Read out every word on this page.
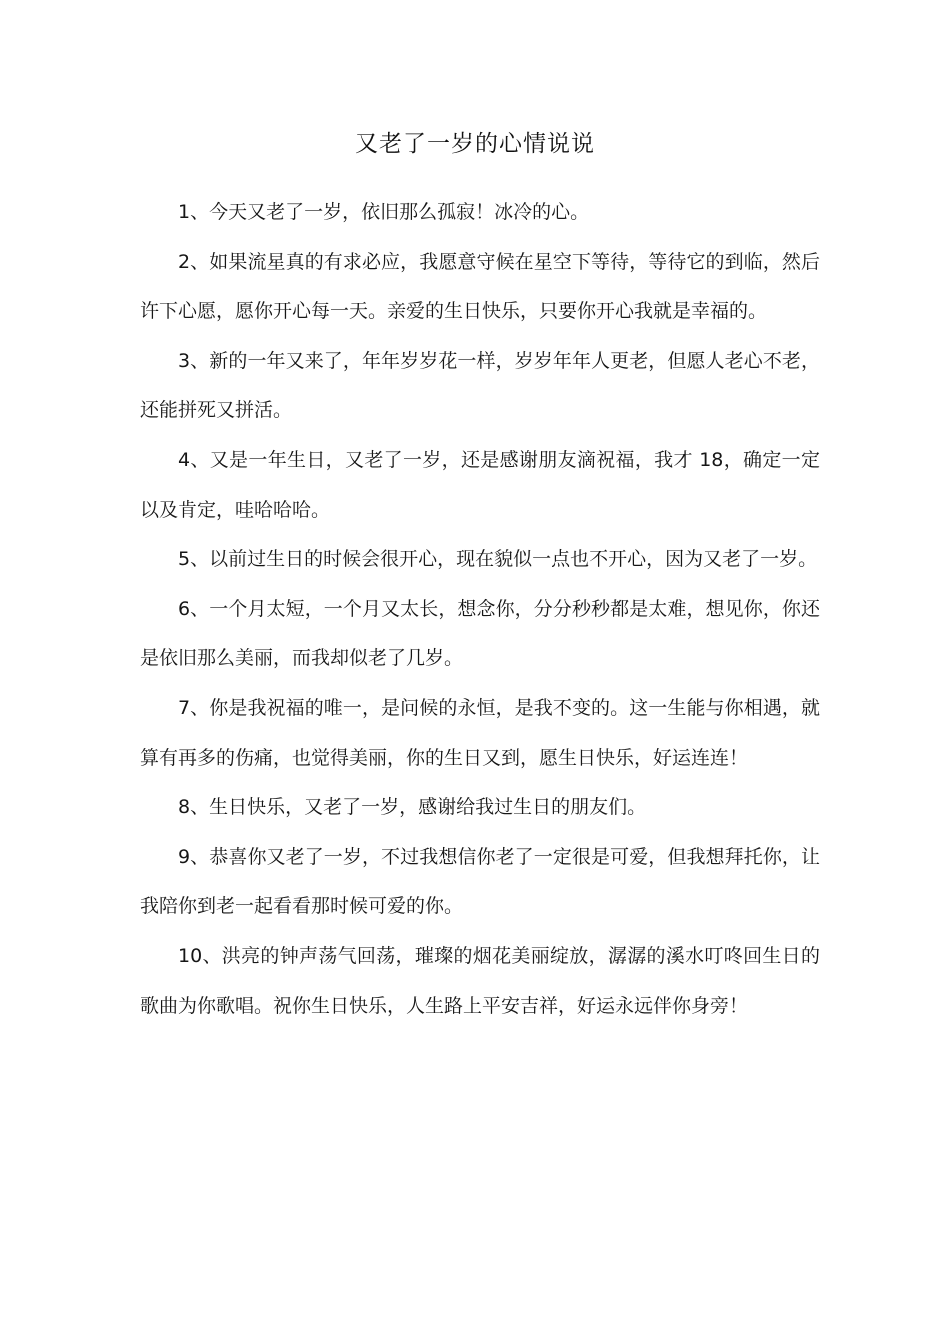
又老了一岁的心情说说

1、今天又老了一岁，依旧那么孤寂！冰冷的心。

2、如果流星真的有求必应，我愿意守候在星空下等待，等待它的到临，然后许下心愿，愿你开心每一天。亲爱的生日快乐，只要你开心我就是幸福的。

3、新的一年又来了，年年岁岁花一样，岁岁年年人更老，但愿人老心不老，还能拼死又拼活。

4、又是一年生日，又老了一岁，还是感谢朋友滴祝福，我才 18，确定一定以及肯定，哇哈哈哈。

5、以前过生日的时候会很开心，现在貌似一点也不开心，因为又老了一岁。

6、一个月太短，一个月又太长，想念你，分分秒秒都是太难，想见你，你还是依旧那么美丽，而我却似老了几岁。

7、你是我祝福的唯一，是问候的永恒，是我不变的。这一生能与你相遇，就算有再多的伤痛，也觉得美丽，你的生日又到，愿生日快乐，好运连连！

8、生日快乐，又老了一岁，感谢给我过生日的朋友们。

9、恭喜你又老了一岁，不过我想信你老了一定很是可爱，但我想拜托你，让我陪你到老一起看看那时候可爱的你。

10、洪亮的钟声荡气回荡，璀璨的烟花美丽绽放，潺潺的溪水叮咚回生日的歌曲为你歌唱。祝你生日快乐，人生路上平安吉祥，好运永远伴你身旁！
